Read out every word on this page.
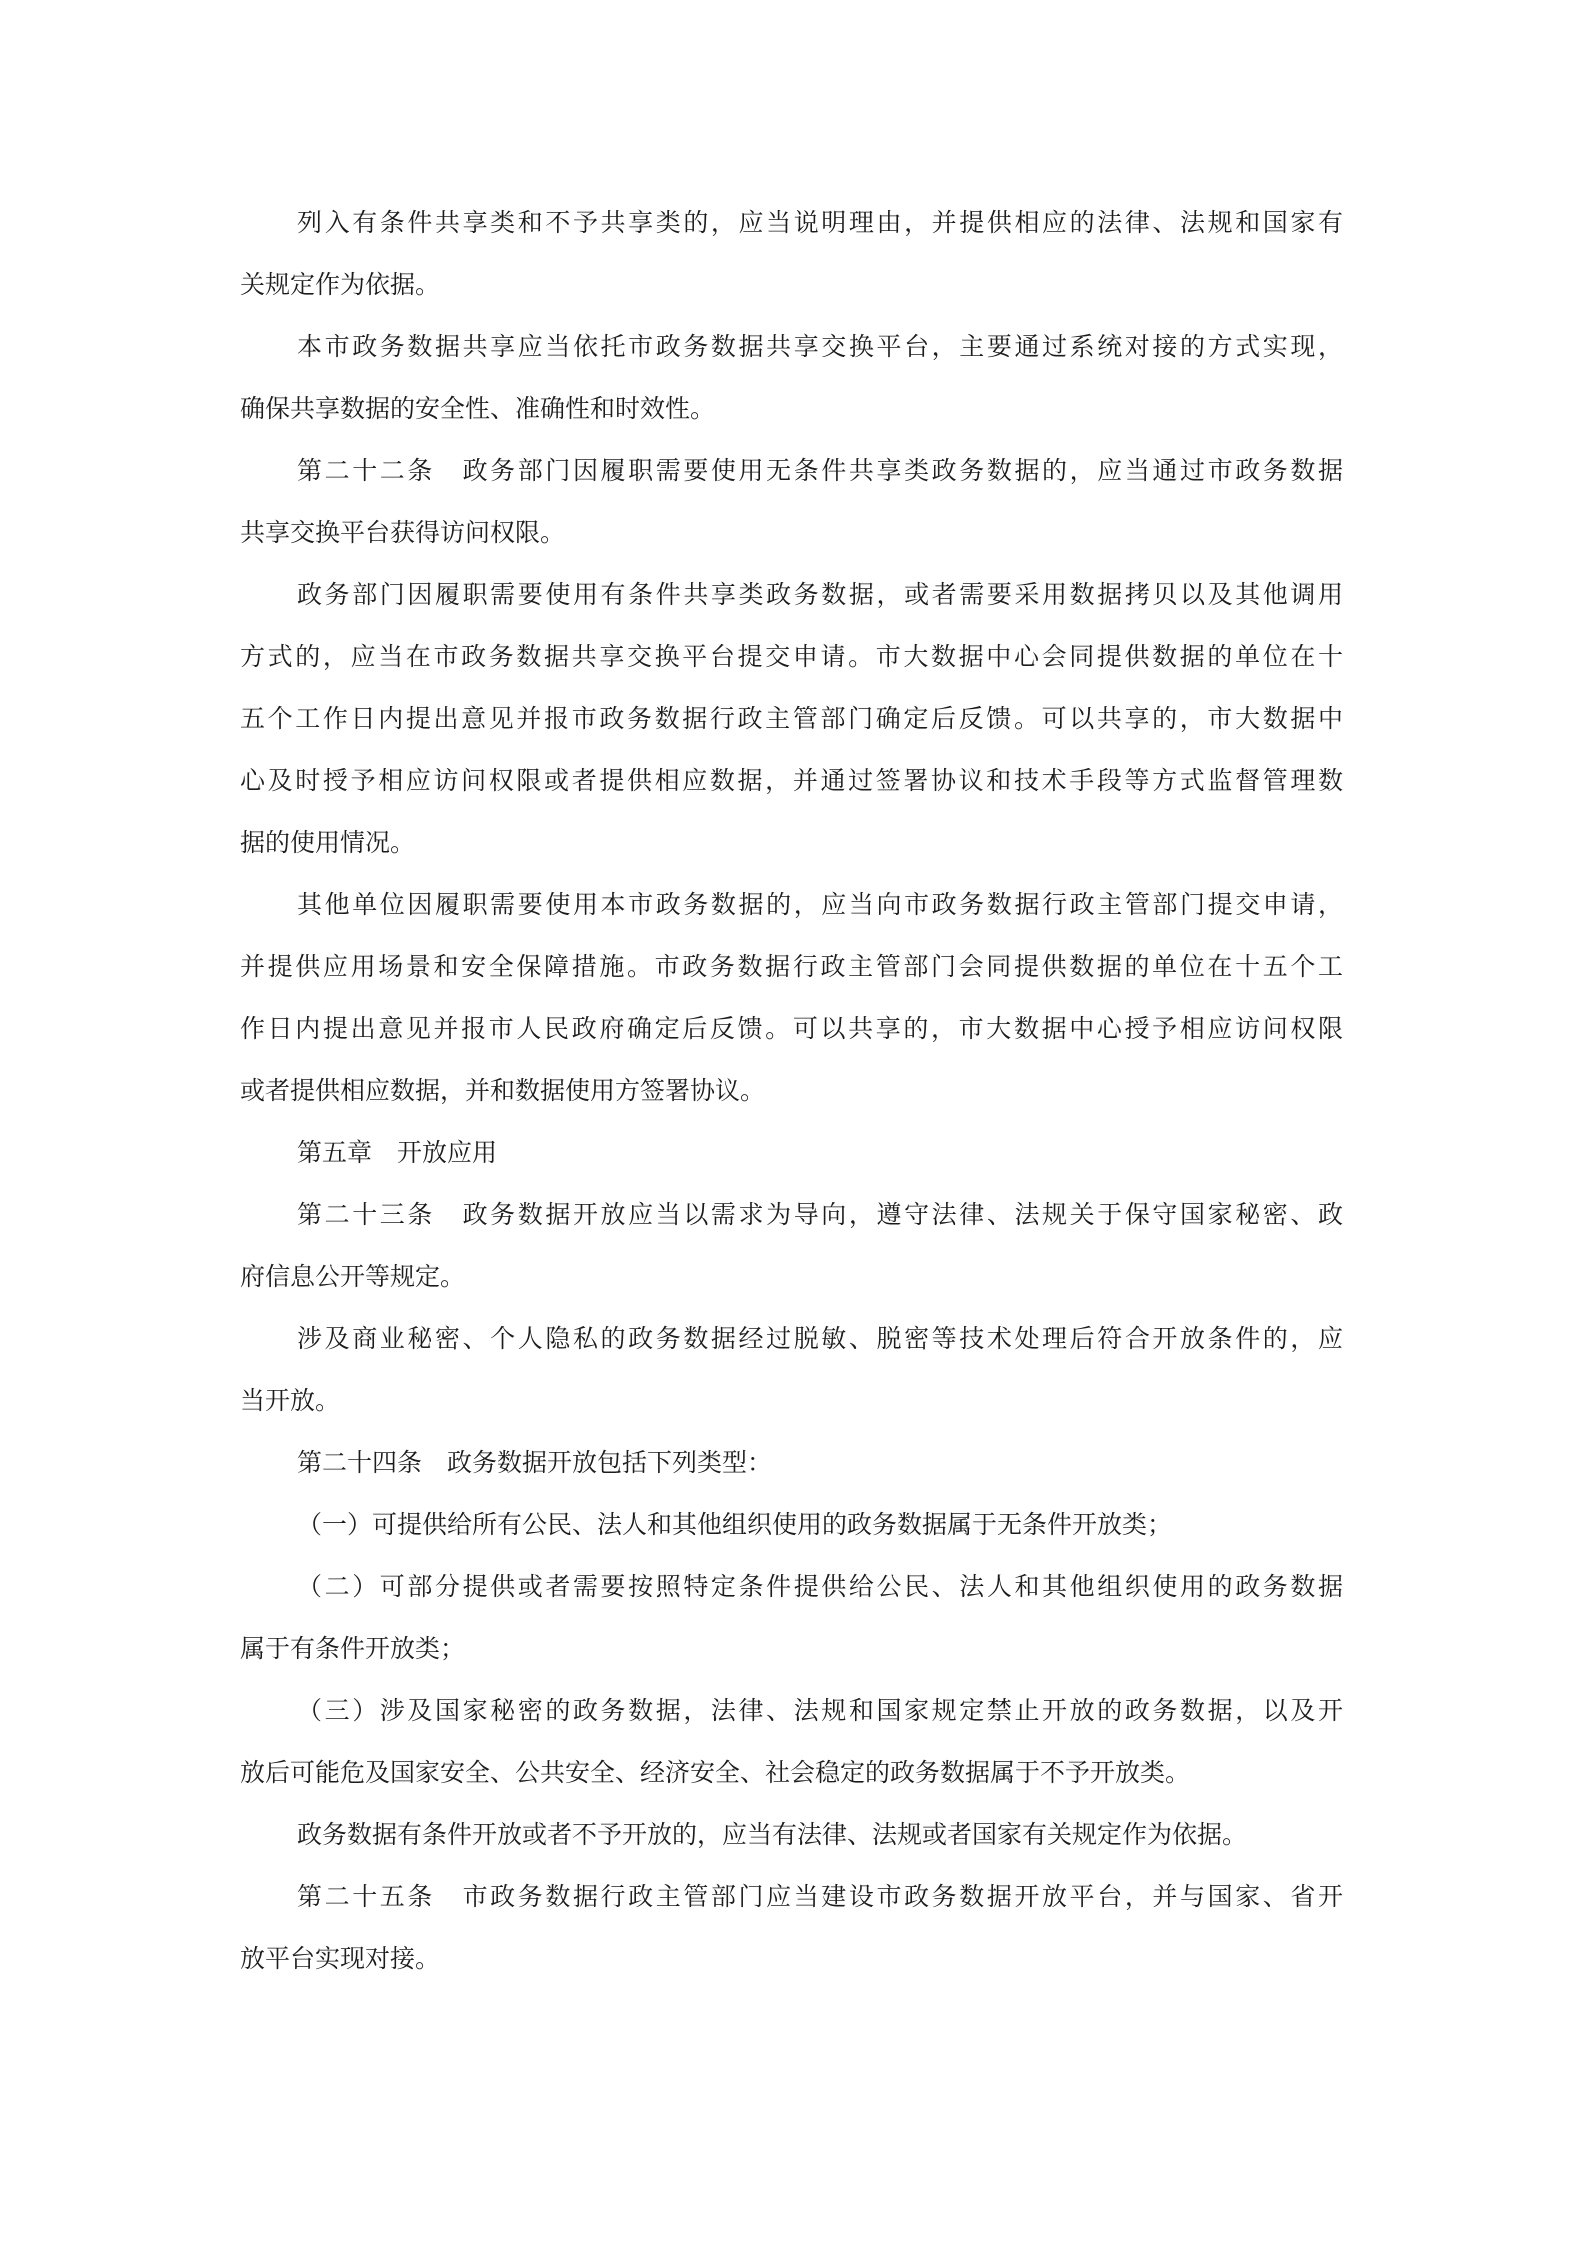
列入有条件共享类和不予共享类的，应当说明理由，并提供相应的法律、法规和国家有
关规定作为依据。
本市政务数据共享应当依托市政务数据共享交换平台，主要通过系统对接的方式实现，
确保共享数据的安全性、准确性和时效性。
第二十二条　政务部门因履职需要使用无条件共享类政务数据的，应当通过市政务数据
共享交换平台获得访问权限。
政务部门因履职需要使用有条件共享类政务数据，或者需要采用数据拷贝以及其他调用
方式的，应当在市政务数据共享交换平台提交申请。市大数据中心会同提供数据的单位在十
五个工作日内提出意见并报市政务数据行政主管部门确定后反馈。可以共享的，市大数据中
心及时授予相应访问权限或者提供相应数据，并通过签署协议和技术手段等方式监督管理数
据的使用情况。
其他单位因履职需要使用本市政务数据的，应当向市政务数据行政主管部门提交申请，
并提供应用场景和安全保障措施。市政务数据行政主管部门会同提供数据的单位在十五个工
作日内提出意见并报市人民政府确定后反馈。可以共享的，市大数据中心授予相应访问权限
或者提供相应数据，并和数据使用方签署协议。
第五章　开放应用
第二十三条　政务数据开放应当以需求为导向，遵守法律、法规关于保守国家秘密、政
府信息公开等规定。
涉及商业秘密、个人隐私的政务数据经过脱敏、脱密等技术处理后符合开放条件的，应
当开放。
第二十四条　政务数据开放包括下列类型：
（一）可提供给所有公民、法人和其他组织使用的政务数据属于无条件开放类；
（二）可部分提供或者需要按照特定条件提供给公民、法人和其他组织使用的政务数据
属于有条件开放类；
（三）涉及国家秘密的政务数据，法律、法规和国家规定禁止开放的政务数据，以及开
放后可能危及国家安全、公共安全、经济安全、社会稳定的政务数据属于不予开放类。
政务数据有条件开放或者不予开放的，应当有法律、法规或者国家有关规定作为依据。
第二十五条　市政务数据行政主管部门应当建设市政务数据开放平台，并与国家、省开
放平台实现对接。
